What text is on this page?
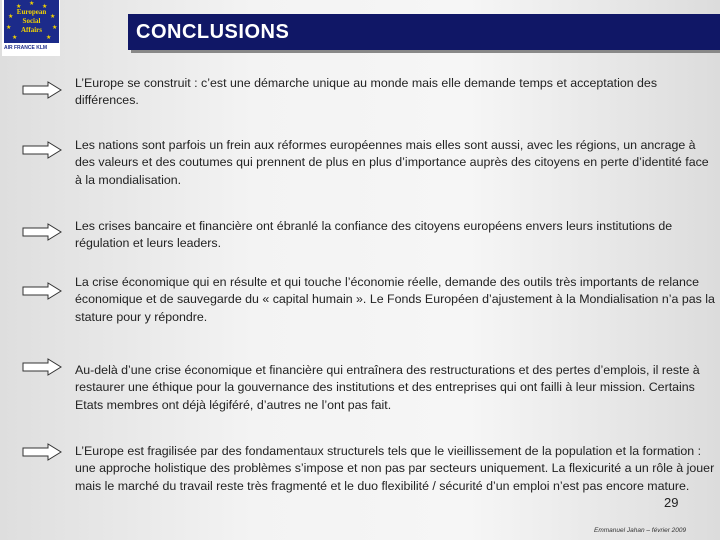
★
★	★
★	★
★	★
★	★
European
Social
Affairs
AIR FRANCE KLM
CONCLUSIONS
L’Europe se construit : c’est une démarche unique au monde mais elle demande temps et acceptation des différences.
Les nations sont parfois un frein aux réformes européennes mais elles sont aussi, avec les régions, un ancrage à des valeurs et des coutumes qui prennent de plus en plus d’importance auprès des citoyens en perte d’identité face à la mondialisation.
Les crises bancaire et financière ont ébranlé la confiance des citoyens européens envers leurs institutions de régulation et leurs leaders.
La crise économique qui en résulte et qui touche l’économie réelle, demande des outils très importants de relance économique et de sauvegarde du « capital humain ». Le Fonds Européen d’ajustement à la Mondialisation n’a pas la stature pour y répondre.
Au-delà d’une crise économique et financière qui entraînera des restructurations et des pertes d’emplois, il reste à restaurer une éthique pour la gouvernance des institutions et des entreprises qui ont failli à leur mission. Certains Etats membres ont déjà légiféré, d’autres ne l’ont pas fait.
L’Europe est fragilisée par des fondamentaux structurels tels que le vieillissement de la population et la formation : une approche holistique des problèmes s’impose et non pas par secteurs uniquement. La flexicurité a un rôle à jouer mais le marché du travail reste très fragmenté et le duo flexibilité / sécurité d’un emploi n’est pas encore mature.
29
Emmanuel Jahan – février 2009
